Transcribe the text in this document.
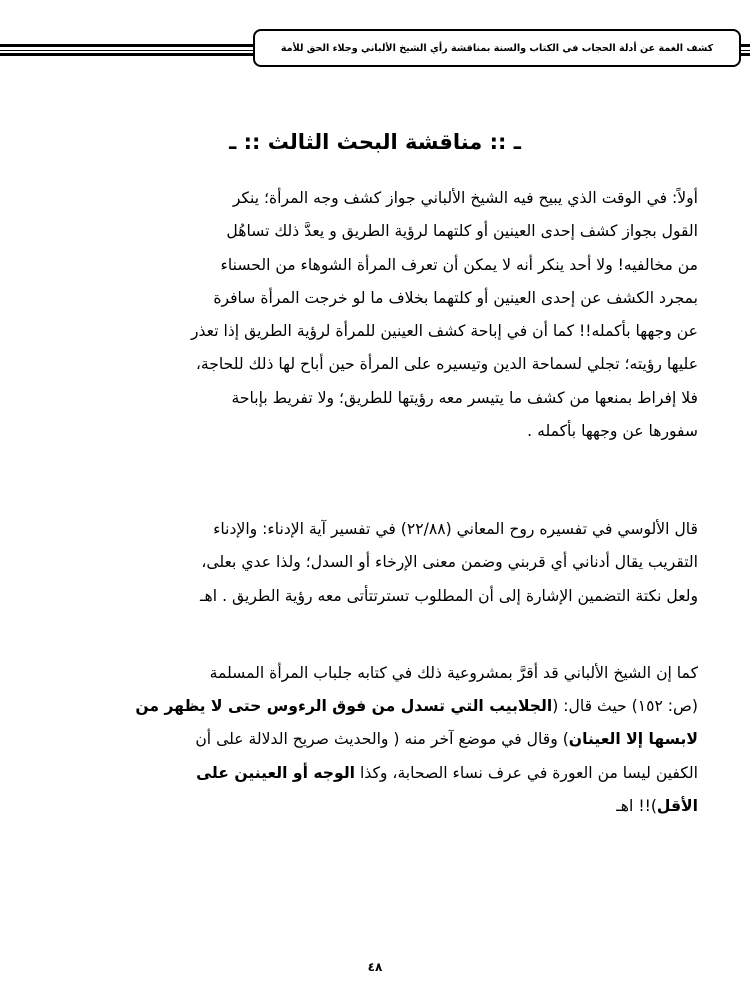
كشف الغمة عن أدلة الحجاب في الكتاب والسنة بمناقشة رأي الشيخ الألباني وجلاء الحق للأمة
ـ :: مناقشة البحث الثالث :: ـ
أولاً: في الوقت الذي يبيح فيه الشيخ الألباني جواز كشف وجه المرأة؛ ينكر
القول بجواز كشف إحدى العينين أو كلتهما لرؤية الطريق و يعدَّ ذلك تساهُل
من مخالفيه! ولا أحد ينكر أنه لا يمكن أن تعرف المرأة الشوهاء من الحسناء
بمجرد الكشف عن إحدى العينين أو كلتهما بخلاف ما لو خرجت المرأة سافرة
عن وجهها بأكمله!! كما أن في إباحة كشف العينين للمرأة لرؤية الطريق إذا تعذر
عليها رؤيته؛ تجلي لسماحة الدين وتيسيره على المرأة حين أباح لها ذلك للحاجة،
فلا إفراط بمنعها من كشف ما يتيسر معه رؤيتها للطريق؛ ولا تفريط بإباحة
سفورها عن وجهها بأكمله .
قال الألوسي في تفسيره روح المعاني (٢٢/٨٨) في تفسير آية الإدناء: والإدناء
التقريب يقال أدناني أي قربني وضمن معنى الإرخاء أو السدل؛ ولذا عدي بعلى،
ولعل نكتة التضمين الإشارة إلى أن المطلوب تسترتتأتى معه رؤية الطريق . اهـ
كما إن الشيخ الألباني قد أقرَّ بمشروعية ذلك في كتابه جلباب المرأة المسلمة
(ص: ١٥٢) حيث قال: (الجلابيب التي تسدل من فوق الرءوس حتى لا يظهر من
لابسها إلا العينان) وقال في موضع آخر منه ( والحديث صريح الدلالة على أن
الكفين ليسا من العورة في عرف نساء الصحابة، وكذا الوجه أو العينين على
الأقل)!! اهـ
٤٨
